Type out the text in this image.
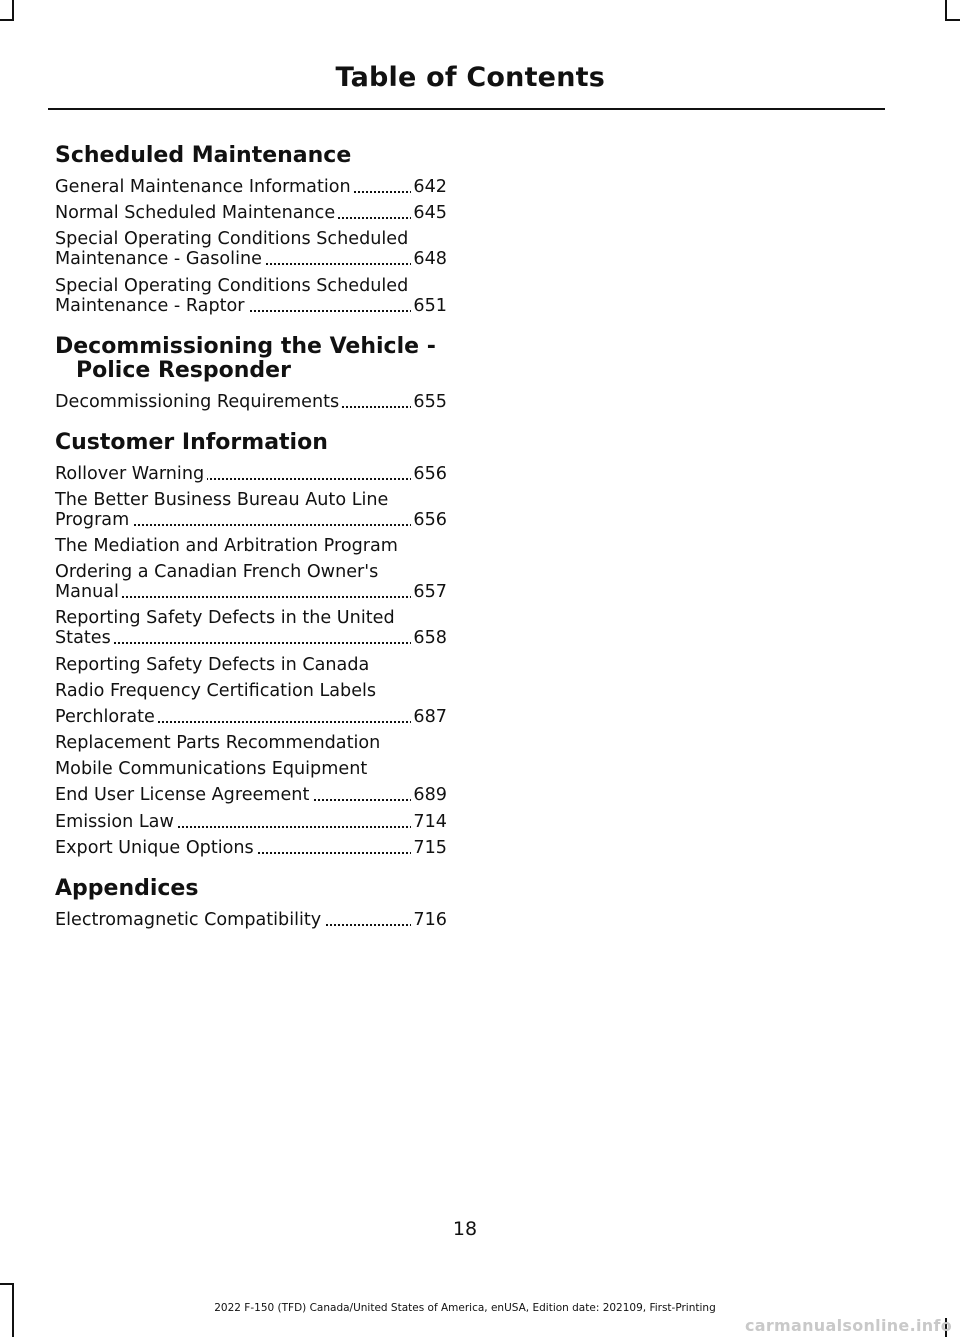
Table of Contents
Scheduled Maintenance
General Maintenance Information	642
Normal Scheduled Maintenance	645
Special Operating Conditions Scheduled
Maintenance - Gasoline	648
Special Operating Conditions Scheduled
Maintenance - Raptor	651
Decommissioning the Vehicle - Police Responder
Decommissioning Requirements	655
Customer Information
Rollover Warning	656
The Better Business Bureau Auto Line
Program	656
The Mediation and Arbitration Program
Ordering a Canadian French Owner's
Manual	657
Reporting Safety Defects in the United
States	658
Reporting Safety Defects in Canada
Radio Frequency Certification Labels
Perchlorate	687
Replacement Parts Recommendation
Mobile Communications Equipment
End User License Agreement	689
Emission Law	714
Export Unique Options	715
Appendices
Electromagnetic Compatibility	716
18
2022 F-150 (TFD) Canada/United States of America, enUSA, Edition date: 202109, First-Printing
carmanualsonline.info
